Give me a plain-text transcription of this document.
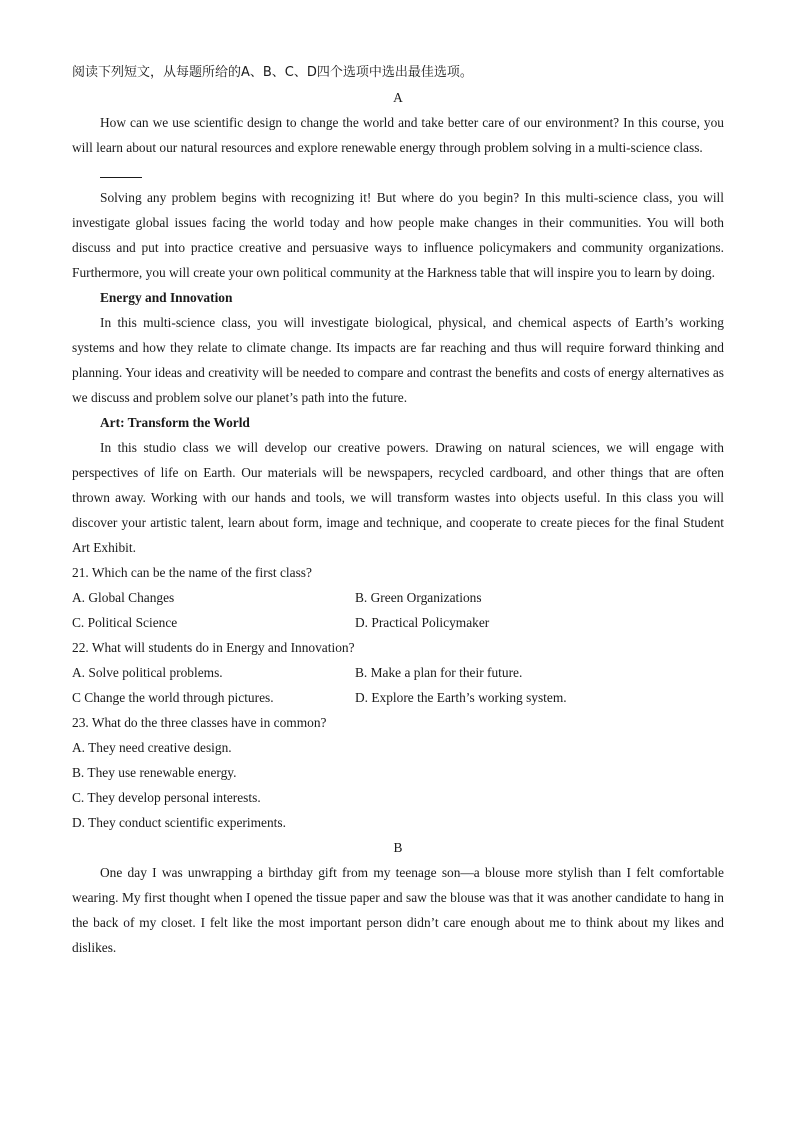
阅读下列短文，从每题所给的A、B、C、D四个选项中选出最佳选项。

A

How can we use scientific design to change the world and take better care of our environment? In this course, you will learn about our natural resources and explore renewable energy through problem solving in a multi-science class.

Solving any problem begins with recognizing it! But where do you begin? In this multi-science class, you will investigate global issues facing the world today and how people make changes in their communities. You will both discuss and put into practice creative and persuasive ways to influence policymakers and community organizations. Furthermore, you will create your own political community at the Harkness table that will inspire you to learn by doing.

Energy and Innovation

In this multi-science class, you will investigate biological, physical, and chemical aspects of Earth’s working systems and how they relate to climate change. Its impacts are far reaching and thus will require forward thinking and planning. Your ideas and creativity will be needed to compare and contrast the benefits and costs of energy alternatives as we discuss and problem solve our planet’s path into the future.

Art: Transform the World

In this studio class we will develop our creative powers. Drawing on natural sciences, we will engage with perspectives of life on Earth. Our materials will be newspapers, recycled cardboard, and other things that are often thrown away. Working with our hands and tools, we will transform wastes into objects useful. In this class you will discover your artistic talent, learn about form, image and technique, and cooperate to create pieces for the final Student Art Exhibit.

21. Which can be the name of the first class?

A. Global Changes	B. Green Organizations
C. Political Science	D. Practical Policymaker

22. What will students do in Energy and Innovation?

A. Solve political problems.	B. Make a plan for their future.
C Change the world through pictures.	D. Explore the Earth’s working system.

23. What do the three classes have in common?

A. They need creative design.

B. They use renewable energy.

C. They develop personal interests.

D. They conduct scientific experiments.

B

One day I was unwrapping a birthday gift from my teenage son—a blouse more stylish than I felt comfortable wearing. My first thought when I opened the tissue paper and saw the blouse was that it was another candidate to hang in the back of my closet. I felt like the most important person didn’t care enough about me to think about my likes and dislikes.
